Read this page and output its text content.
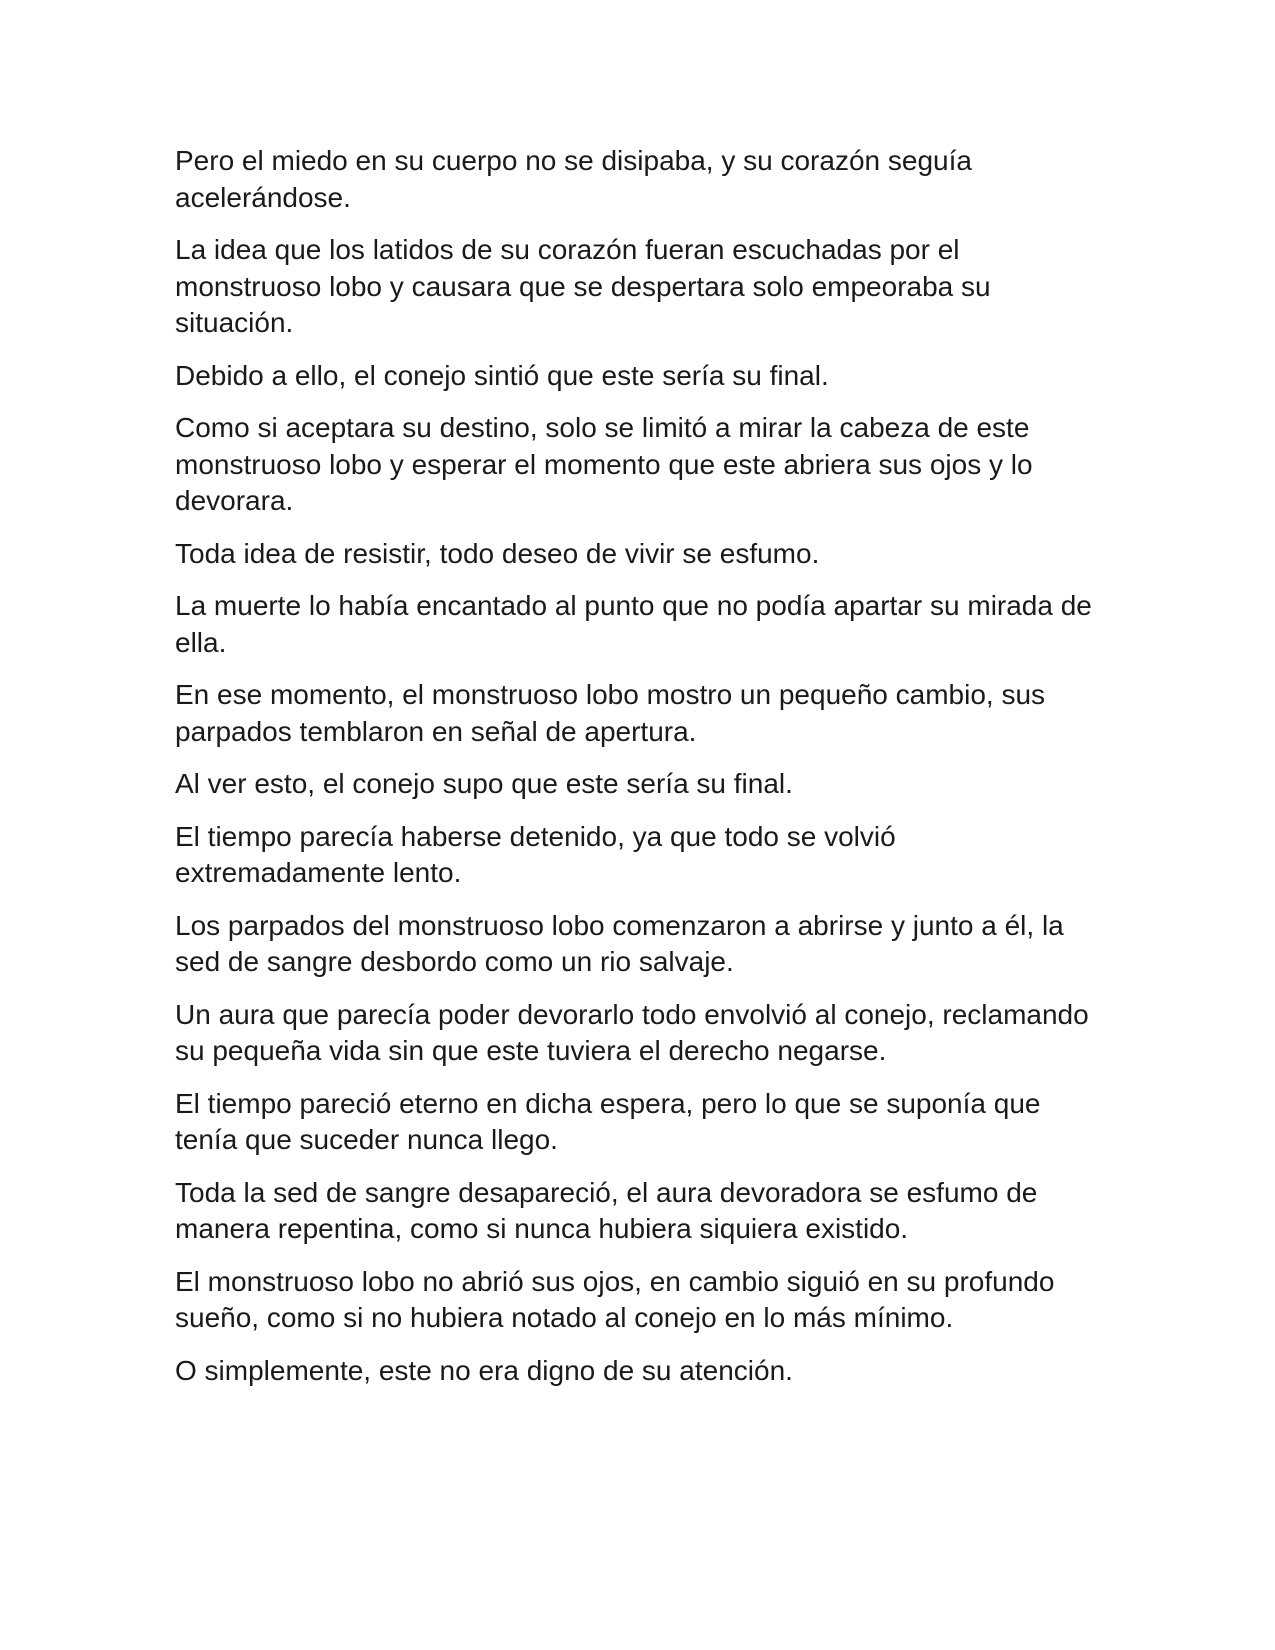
Pero el miedo en su cuerpo no se disipaba, y su corazón seguía acelerándose.

La idea que los latidos de su corazón fueran escuchadas por el monstruoso lobo y causara que se despertara solo empeoraba su situación.

Debido a ello, el conejo sintió que este sería su final.

Como si aceptara su destino, solo se limitó a mirar la cabeza de este monstruoso lobo y esperar el momento que este abriera sus ojos y lo devorara.

Toda idea de resistir, todo deseo de vivir se esfumo.

La muerte lo había encantado al punto que no podía apartar su mirada de ella.

En ese momento, el monstruoso lobo mostro un pequeño cambio, sus parpados temblaron en señal de apertura.

Al ver esto, el conejo supo que este sería su final.

El tiempo parecía haberse detenido, ya que todo se volvió extremadamente lento.

Los parpados del monstruoso lobo comenzaron a abrirse y junto a él, la sed de sangre desbordo como un rio salvaje.

Un aura que parecía poder devorarlo todo envolvió al conejo, reclamando su pequeña vida sin que este tuviera el derecho negarse.

El tiempo pareció eterno en dicha espera, pero lo que se suponía que tenía que suceder nunca llego.

Toda la sed de sangre desapareció, el aura devoradora se esfumo de manera repentina, como si nunca hubiera siquiera existido.

El monstruoso lobo no abrió sus ojos, en cambio siguió en su profundo sueño, como si no hubiera notado al conejo en lo más mínimo.

O simplemente, este no era digno de su atención.
